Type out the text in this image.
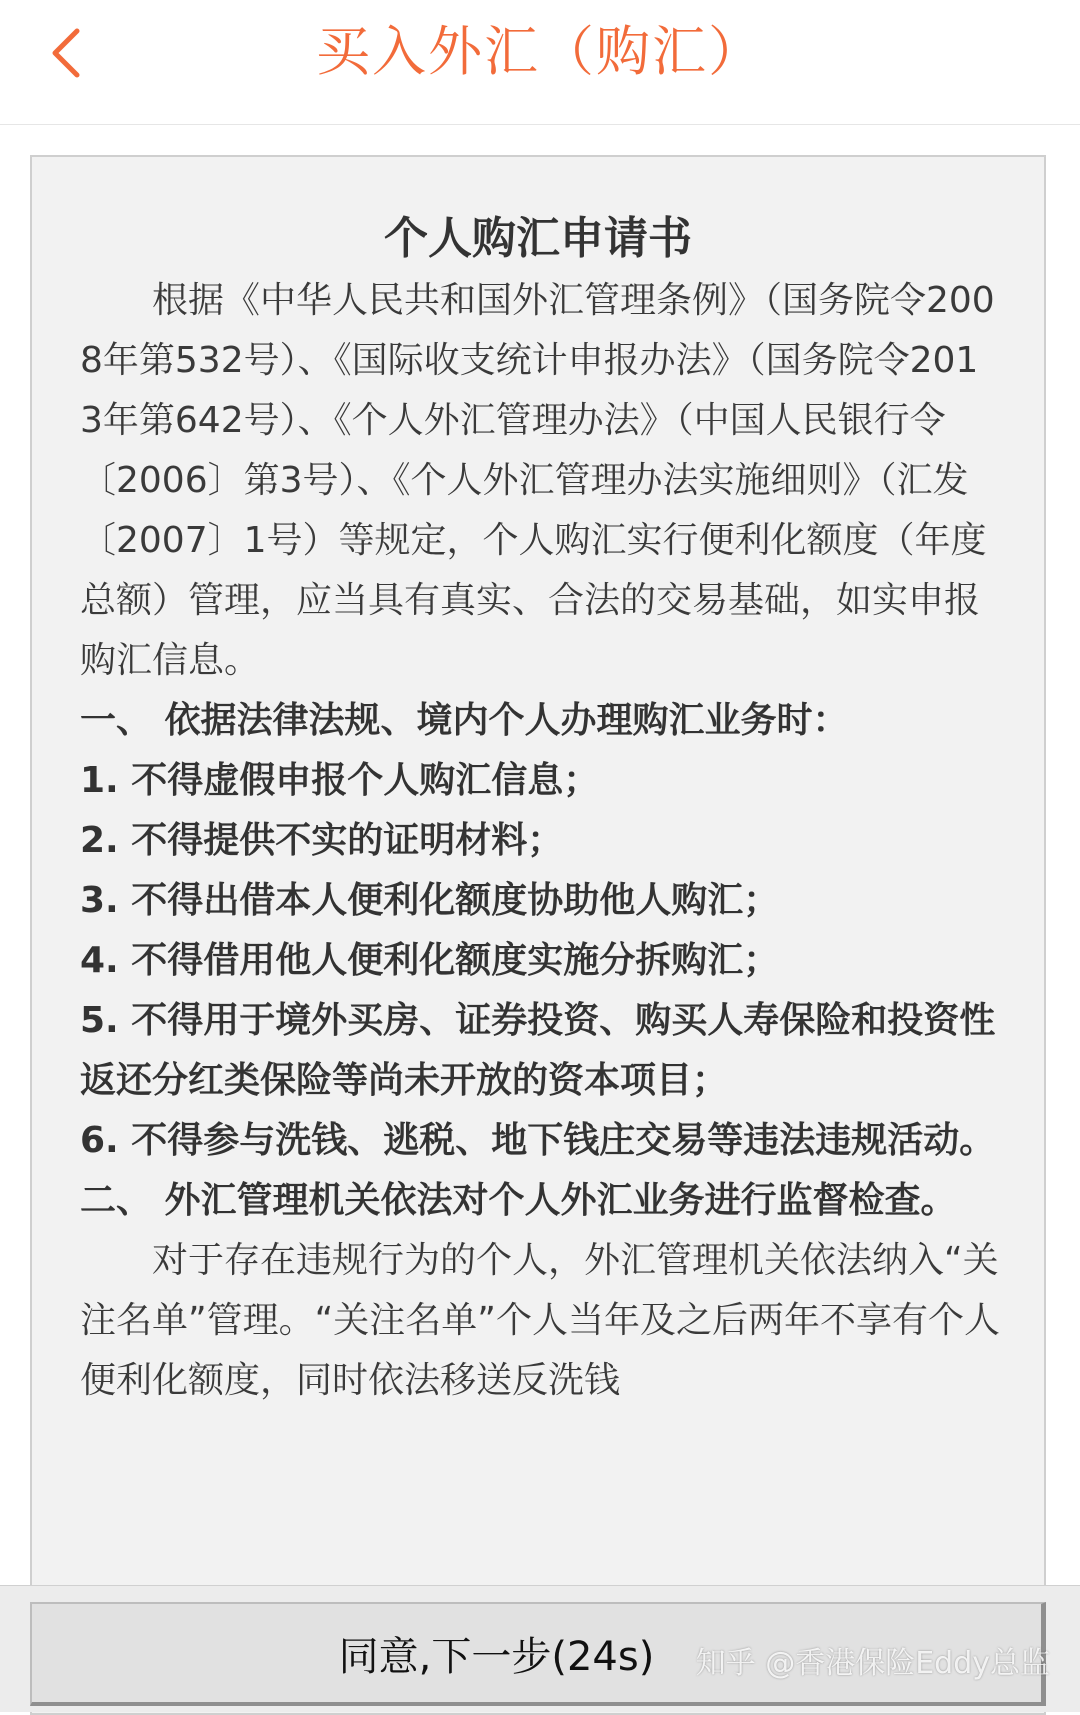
买入外汇（购汇）
个人购汇申请书

根据《中华人民共和国外汇管理条例》（国务院令2008年第532号）、《国际收支统计申报办法》（国务院令2013年第642号）、《个人外汇管理办法》（中国人民银行令〔2006〕第3号）、《个人外汇管理办法实施细则》（汇发〔2007〕1号）等规定，个人购汇实行便利化额度（年度总额）管理，应当具有真实、合法的交易基础，如实申报购汇信息。

一、 依据法律法规、境内个人办理购汇业务时：

1. 不得虚假申报个人购汇信息；

2. 不得提供不实的证明材料；

3. 不得出借本人便利化额度协助他人购汇；

4. 不得借用他人便利化额度实施分拆购汇；

5. 不得用于境外买房、证券投资、购买人寿保险和投资性返还分红类保险等尚未开放的资本项目；

6. 不得参与洗钱、逃税、地下钱庄交易等违法违规活动。

二、 外汇管理机关依法对个人外汇业务进行监督检查。

对于存在违规行为的个人，外汇管理机关依法纳入“关注名单”管理。“关注名单”个人当年及之后两年不享有个人便利化额度，同时依法移送反洗钱

同意,下一步(24s) 知乎 @香港保险Eddy总监
